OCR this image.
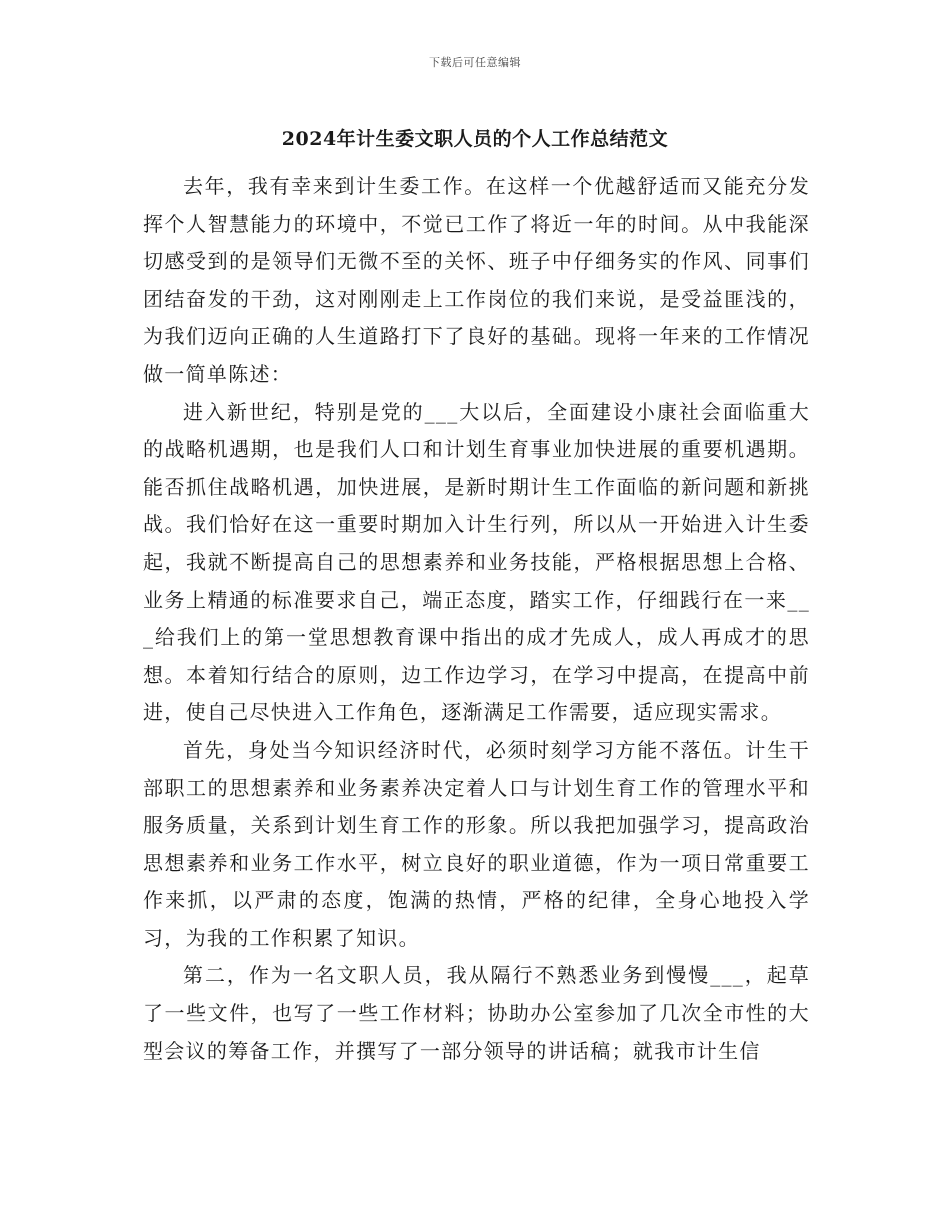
下载后可任意编辑
2024年计生委文职人员的个人工作总结范文

去年，我有幸来到计生委工作。在这样一个优越舒适而又能充分发挥个人智慧能力的环境中，不觉已工作了将近一年的时间。从中我能深切感受到的是领导们无微不至的关怀、班子中仔细务实的作风、同事们团结奋发的干劲，这对刚刚走上工作岗位的我们来说，是受益匪浅的，为我们迈向正确的人生道路打下了良好的基础。现将一年来的工作情况做一简单陈述：

进入新世纪，特别是党的___大以后，全面建设小康社会面临重大的战略机遇期，也是我们人口和计划生育事业加快进展的重要机遇期。能否抓住战略机遇，加快进展，是新时期计生工作面临的新问题和新挑战。我们恰好在这一重要时期加入计生行列，所以从一开始进入计生委起，我就不断提高自己的思想素养和业务技能，严格根据思想上合格、业务上精通的标准要求自己，端正态度，踏实工作，仔细践行在一来___给我们上的第一堂思想教育课中指出的成才先成人，成人再成才的思想。本着知行结合的原则，边工作边学习，在学习中提高，在提高中前进，使自己尽快进入工作角色，逐渐满足工作需要，适应现实需求。

首先，身处当今知识经济时代，必须时刻学习方能不落伍。计生干部职工的思想素养和业务素养决定着人口与计划生育工作的管理水平和服务质量，关系到计划生育工作的形象。所以我把加强学习，提高政治思想素养和业务工作水平，树立良好的职业道德，作为一项日常重要工作来抓，以严肃的态度，饱满的热情，严格的纪律，全身心地投入学习，为我的工作积累了知识。

第二，作为一名文职人员，我从隔行不熟悉业务到慢慢___，起草了一些文件，也写了一些工作材料；协助办公室参加了几次全市性的大型会议的筹备工作，并撰写了一部分领导的讲话稿；就我市计生信
